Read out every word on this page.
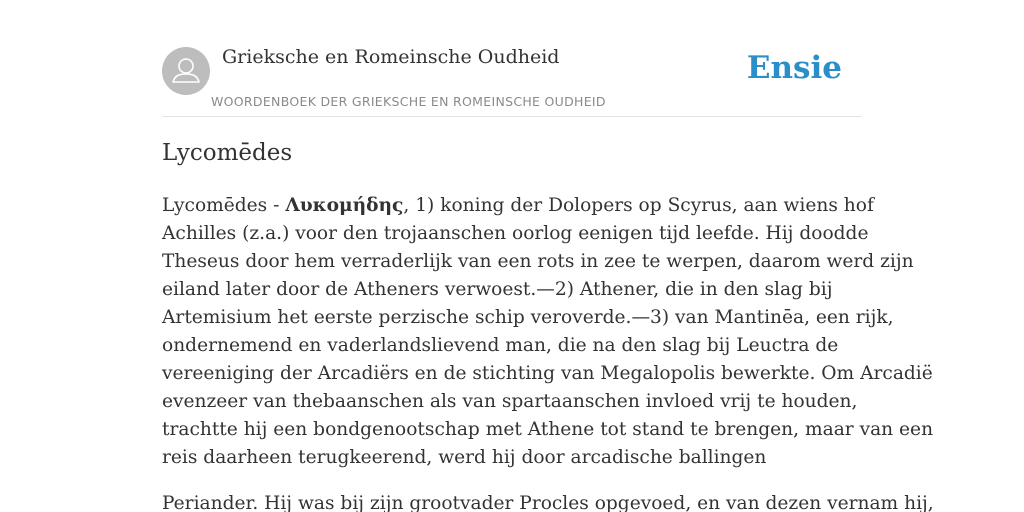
Grieksche en Romeinsche Oudheid
WOORDENBOEK DER GRIEKSCHE EN ROMEINSCHE OUDHEID
Ensie
Lycomēdes

Lycomēdes - Λυκομήδης, 1) koning der Dolopers op Scyrus, aan wiens hof
Achilles (z.a.) voor den trojaanschen oorlog eenigen tijd leefde. Hij doodde
Theseus door hem verraderlijk van een rots in zee te werpen, daarom werd zijn
eiland later door de Atheners verwoest.—2) Athener, die in den slag bij
Artemisium het eerste perzische schip veroverde.—3) van Mantinēa, een rijk,
ondernemend en vaderlandslievend man, die na den slag bij Leuctra de
vereeniging der Arcadiërs en de stichting van Megalopolis bewerkte. Om Arcadië
evenzeer van thebaanschen als van spartaanschen invloed vrij te houden,
trachtte hij een bondgenootschap met Athene tot stand te brengen, maar van een
reis daarheen terugkeerend, werd hij door arcadische ballingen

Periander. Hij was bij zijn grootvader Procles opgevoed, en van dezen vernam hij,
